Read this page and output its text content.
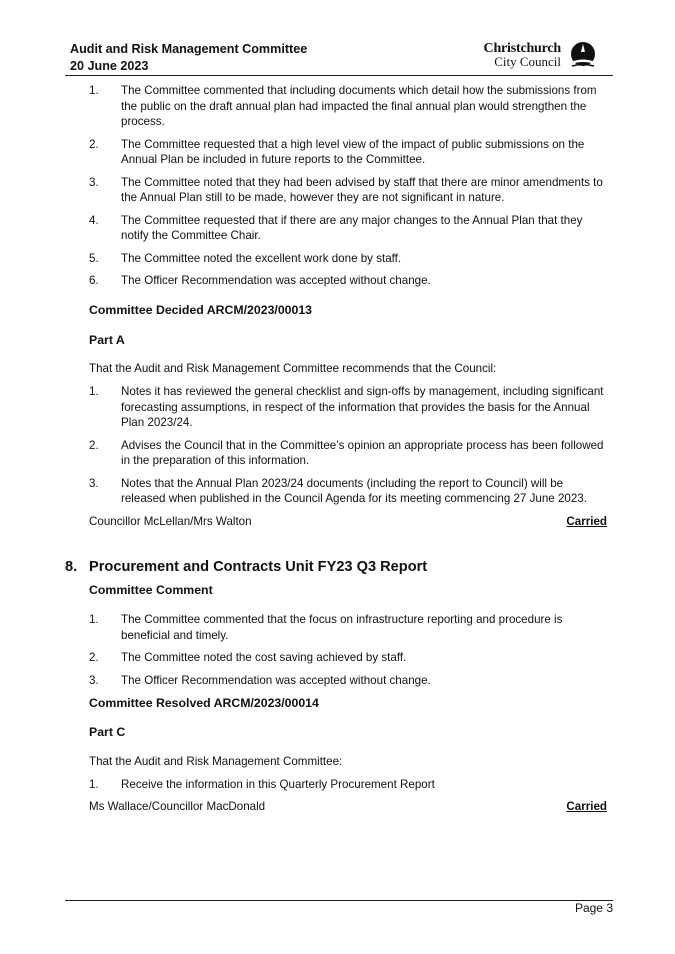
Audit and Risk Management Committee
20 June 2023
Christchurch
City Council
1. The Committee commented that including documents which detail how the submissions from the public on the draft annual plan had impacted the final annual plan would strengthen the process.
2. The Committee requested that a high level view of the impact of public submissions on the Annual Plan be included in future reports to the Committee.
3. The Committee noted that they had been advised by staff that there are minor amendments to the Annual Plan still to be made, however they are not significant in nature.
4. The Committee requested that if there are any major changes to the Annual Plan that they notify the Committee Chair.
5. The Committee noted the excellent work done by staff.
6. The Officer Recommendation was accepted without change.

Committee Decided ARCM/2023/00013

Part A

That the Audit and Risk Management Committee recommends that the Council:

1. Notes it has reviewed the general checklist and sign-offs by management, including significant forecasting assumptions, in respect of the information that provides the basis for the Annual Plan 2023/24.
2. Advises the Council that in the Committee’s opinion an appropriate process has been followed in the preparation of this information.
3. Notes that the Annual Plan 2023/24 documents (including the report to Council) will be released when published in the Council Agenda for its meeting commencing 27 June 2023.
Councillor McLellan/Mrs Walton	Carried
8. Procurement and Contracts Unit FY23 Q3 Report

Committee Comment

1. The Committee commented that the focus on infrastructure reporting and procedure is beneficial and timely.
2. The Committee noted the cost saving achieved by staff.
3. The Officer Recommendation was accepted without change.

Committee Resolved ARCM/2023/00014

Part C

That the Audit and Risk Management Committee:

1. Receive the information in this Quarterly Procurement Report
Ms Wallace/Councillor MacDonald	Carried
Page 3
